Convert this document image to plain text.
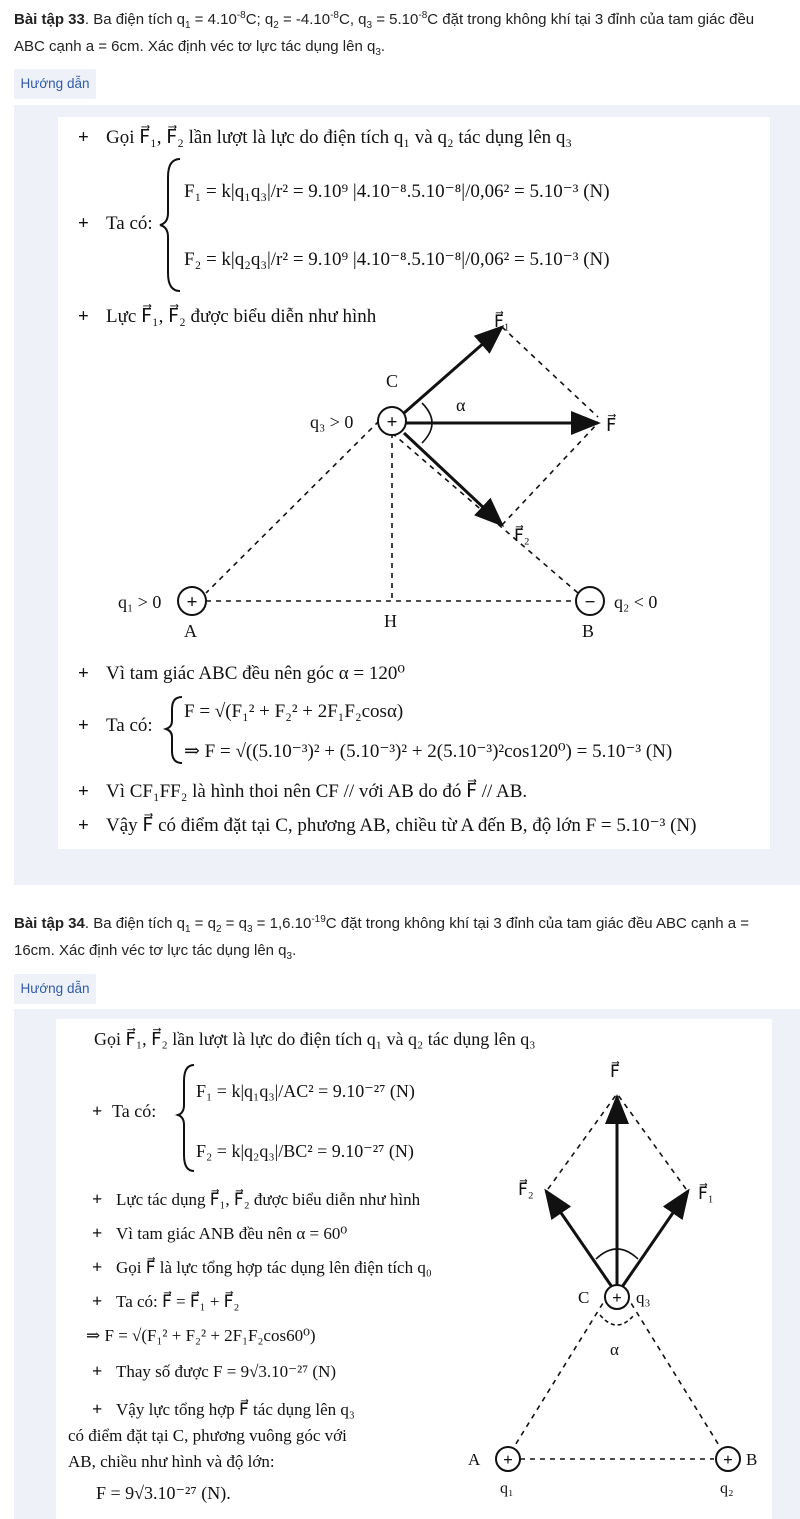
Bài tập 33. Ba điện tích $q_1 = 4.10^{-8}C$; $q_2 = -4.10^{-8}C$, $q_3 = 5.10^{-8}C$ đặt trong không khí tại 3 đỉnh của tam giác đều ABC cạnh a = 6cm. Xác định véc tơ lực tác dụng lên $q_3$.
Hướng dẫn
+ Gọi F⃗₁, F⃗₂ lần lượt là lực do điện tích q₁ và q₂ tác dụng lên q₃
+ Ta có:
F₁ = k|q₁q₃|/r² = 9.10⁹ |4.10⁻⁸.5.10⁻⁸|/0,06² = 5.10⁻³ (N)
F₂ = k|q₂q₃|/r² = 9.10⁹ |4.10⁻⁸.5.10⁻⁸|/0,06² = 5.10⁻³ (N)
+ Lực F⃗₁, F⃗₂ được biểu diễn như hình
+
+	−
C
q₃ > 0
α
F⃗
F⃗₁
F⃗₂
q₁ > 0
A	H	B
q₂ < 0
+ Vì tam giác ABC đều nên góc α = 120⁰
+ Ta có:
F = √(F₁² + F₂² + 2F₁F₂cosα)
⇒ F = √((5.10⁻³)² + (5.10⁻³)² + 2(5.10⁻³)²cos120⁰) = 5.10⁻³ (N)
+ Vì CF₁FF₂ là hình thoi nên CF // với AB do đó F⃗ // AB.
+ Vậy F⃗ có điểm đặt tại C, phương AB, chiều từ A đến B, độ lớn F = 5.10⁻³ (N)
Bài tập 34. Ba điện tích $q_1 = q_2 = q_3 = 1,6.10^{-19}C$ đặt trong không khí tại 3 đỉnh của tam giác đều ABC cạnh a = 16cm. Xác định véc tơ lực tác dụng lên $q_3$.
Hướng dẫn
Gọi F⃗₁, F⃗₂ lần lượt là lực do điện tích q₁ và q₂ tác dụng lên q₃
+ Ta có:
F₁ = k|q₁q₃|/AC² = 9.10⁻²⁷ (N)
F₂ = k|q₂q₃|/BC² = 9.10⁻²⁷ (N)
+ Lực tác dụng F⃗₁, F⃗₂ được biểu diễn như hình
+ Vì tam giác ANB đều nên α = 60⁰
+ Gọi F⃗ là lực tổng hợp tác dụng lên điện tích q₀
+ Ta có: F⃗ = F⃗₁ + F⃗₂
⇒ F = √(F₁² + F₂² + 2F₁F₂cos60⁰)
+ Thay số được F = 9√3.10⁻²⁷ (N)
+ Vậy lực tổng hợp F⃗ tác dụng lên q₃
có điểm đặt tại C, phương vuông góc với
AB, chiều như hình và độ lớn:
F = 9√3.10⁻²⁷ (N).
+
+	+
F⃗
F⃗₂	F⃗₁
C	q₃
α
A
q₁
B
q₂
